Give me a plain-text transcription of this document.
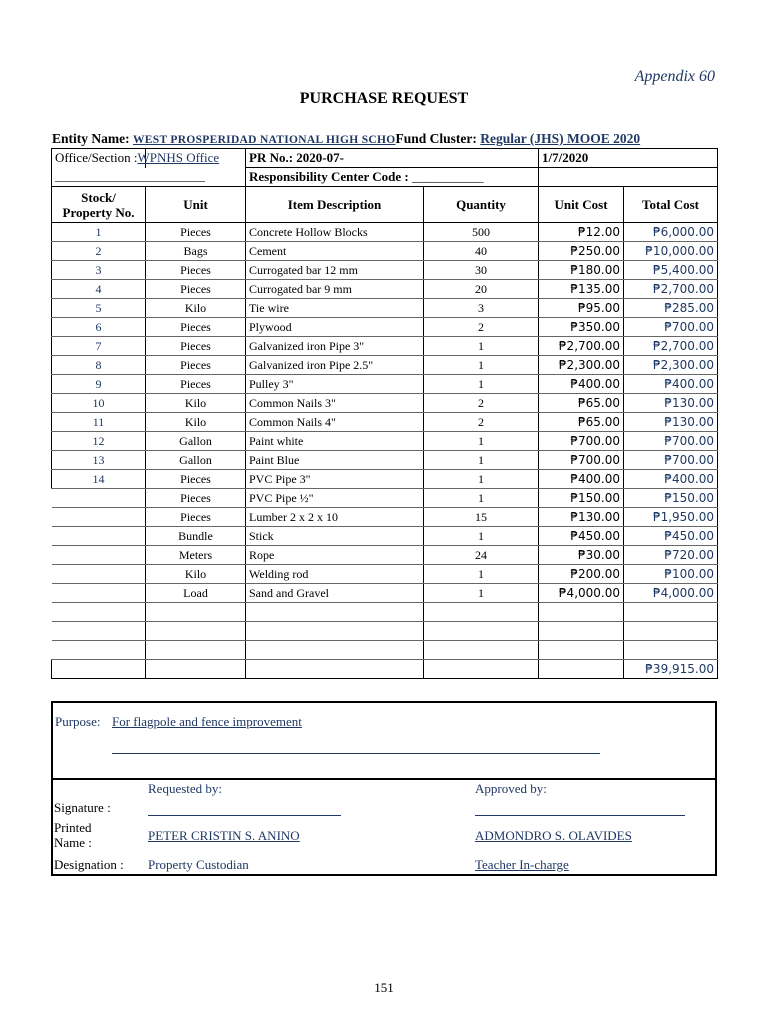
Appendix 60
PURCHASE REQUEST
Entity Name: WEST PROSPERIDAD NATIONAL HIGH SCHOFund Cluster: Regular (JHS) MOOE 2020
Office/Section :WPNHS Office		PR No.: 2020-07-		1/7/2020	
_________________________		Responsibility Center Code : ___________			

Stock/
Property No.	Unit	Item Description	Quantity	Unit Cost	Total Cost
1	Pieces	Concrete Hollow Blocks	500	₱12.00	₱6,000.00
2	Bags	Cement	40	₱250.00	₱10,000.00
3	Pieces	Currogated bar 12 mm	30	₱180.00	₱5,400.00
4	Pieces	Currogated bar 9 mm	20	₱135.00	₱2,700.00
5	Kilo	Tie wire	3	₱95.00	₱285.00
6	Pieces	Plywood	2	₱350.00	₱700.00
7	Pieces	Galvanized iron Pipe 3"	1	₱2,700.00	₱2,700.00
8	Pieces	Galvanized iron Pipe 2.5"	1	₱2,300.00	₱2,300.00
9	Pieces	Pulley 3"	1	₱400.00	₱400.00
10	Kilo	Common Nails 3"	2	₱65.00	₱130.00
11	Kilo	Common Nails 4"	2	₱65.00	₱130.00
12	Gallon	Paint white	1	₱700.00	₱700.00
13	Gallon	Paint Blue	1	₱700.00	₱700.00
14	Pieces	PVC Pipe 3"	1	₱400.00	₱400.00
	Pieces	PVC Pipe ½"	1	₱150.00	₱150.00
	Pieces	Lumber 2 x 2 x 10	15	₱130.00	₱1,950.00
	Bundle	Stick	1	₱450.00	₱450.00
	Meters	Rope	24	₱30.00	₱720.00
	Kilo	Welding rod	1	₱200.00	₱100.00
	Load	Sand and Gravel	1	₱4,000.00	₱4,000.00

					₱39,915.00
Purpose: For flagpole and fence improvement
Requested by:	Approved by:
Signature :
Printed
Name :	PETER CRISTIN S. ANINO	ADMONDRO S. OLAVIDES
Designation : Property Custodian	Teacher In-charge
151
